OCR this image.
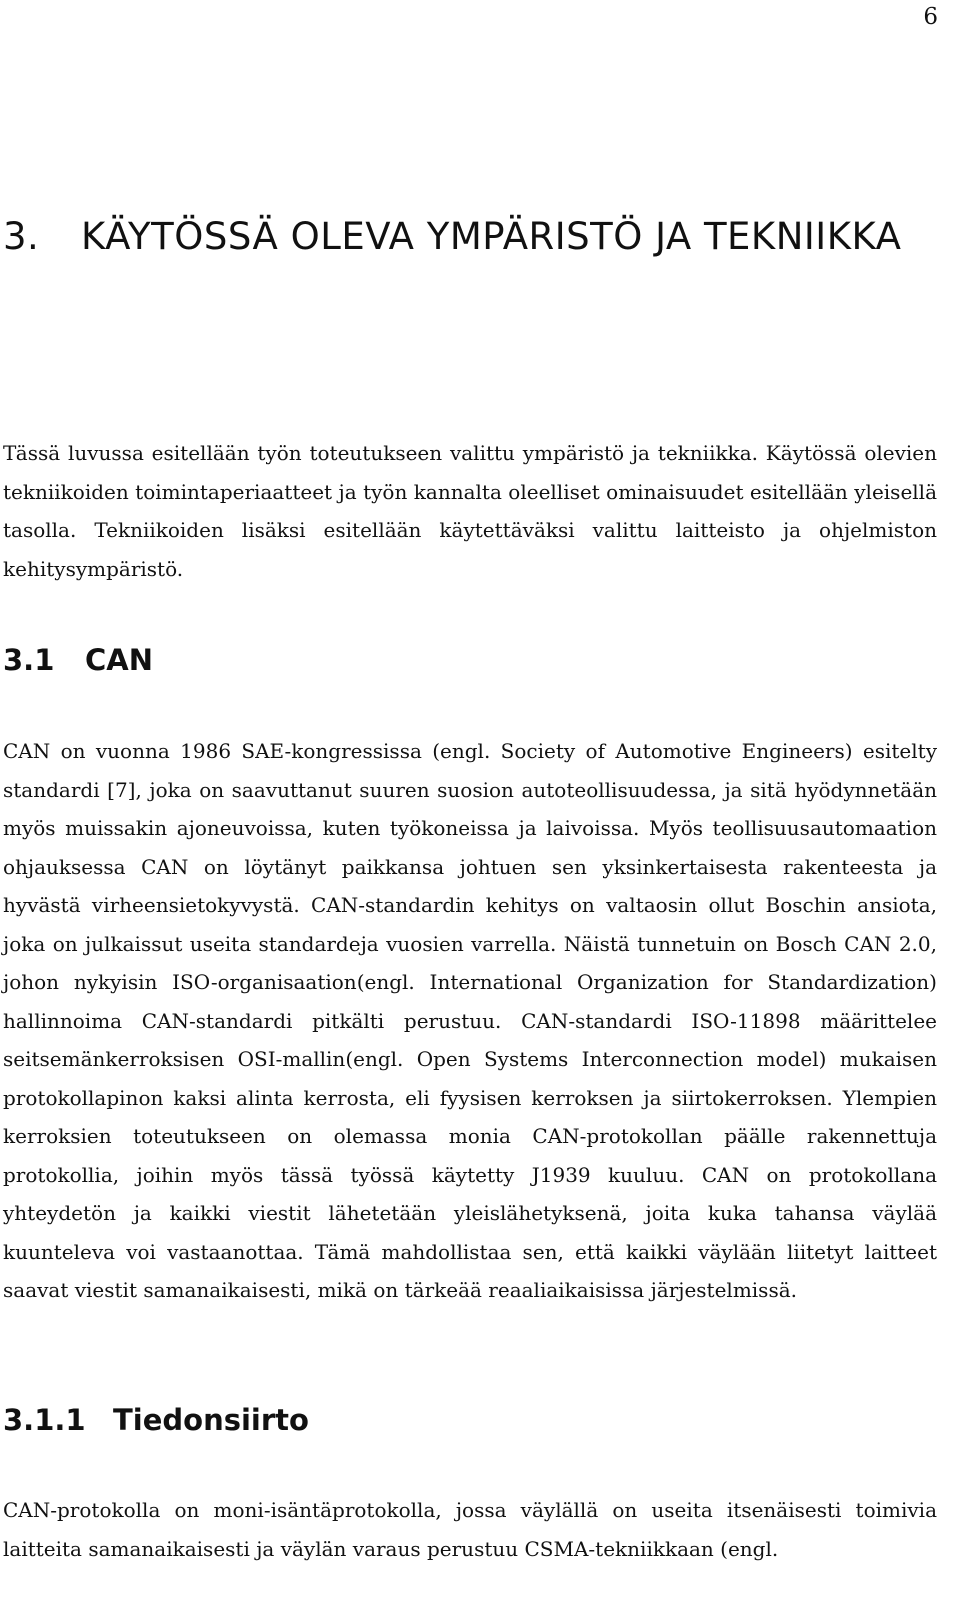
6
3. KÄYTÖSSÄ OLEVA YMPÄRISTÖ JA TEKNIIKKA

Tässä luvussa esitellään työn toteutukseen valittu ympäristö ja tekniikka. Käytössä olevien tekniikoiden toimintaperiaatteet ja työn kannalta oleelliset ominaisuudet esitellään yleisellä tasolla. Tekniikoiden lisäksi esitellään käytettäväksi valittu laitteisto ja ohjelmiston kehitysympäristö.

3.1 CAN

CAN on vuonna 1986 SAE-kongressissa (engl. Society of Automotive Engineers) esitelty standardi [7], joka on saavuttanut suuren suosion autoteollisuudessa, ja sitä hyödynnetään myös muissakin ajoneuvoissa, kuten työkoneissa ja laivoissa. Myös teollisuusautomaation ohjauksessa CAN on löytänyt paikkansa johtuen sen yksinkertaisesta rakenteesta ja hyvästä virheensietokyvystä. CAN-standardin kehitys on valtaosin ollut Boschin ansiota, joka on julkaissut useita standardeja vuosien varrella. Näistä tunnetuin on Bosch CAN 2.0, johon nykyisin ISO-organisaation(engl. International Organization for Standardization) hallinnoima CAN-standardi pitkälti perustuu. CAN-standardi ISO-11898 määrittelee seitsemänkerroksisen OSI-mallin(engl. Open Systems Interconnection model) mukaisen protokollapinon kaksi alinta kerrosta, eli fyysisen kerroksen ja siirtokerroksen. Ylempien kerroksien toteutukseen on olemassa monia CAN-protokollan päälle rakennettuja protokollia, joihin myös tässä työssä käytetty J1939 kuuluu. CAN on protokollana yhteydetön ja kaikki viestit lähetetään yleislähetyksenä, joita kuka tahansa väylää kuunteleva voi vastaanottaa. Tämä mahdollistaa sen, että kaikki väylään liitetyt laitteet saavat viestit samanaikaisesti, mikä on tärkeää reaaliaikaisissa järjestelmissä.

3.1.1 Tiedonsiirto

CAN-protokolla on moni-isäntäprotokolla, jossa väylällä on useita itsenäisesti toimivia laitteita samanaikaisesti ja väylän varaus perustuu CSMA-tekniikkaan (engl.
